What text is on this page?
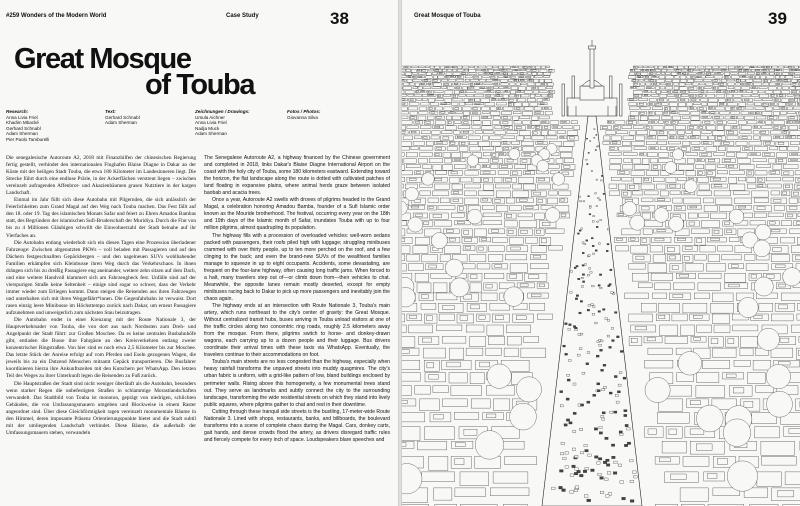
#259 Wonders of the Modern World	Case Study	38
Great Mosque
of Touba
Research:
Anna Livia Friel
Khadim Mbacké
Gerhard Schnabl
Adam Sherman
Pier Paolo Tamburelli
Text:
Gerhard Schnabl
Adam Sherman
Zeichnungen / Drawings:
Ursula Aichner
Anna Livia Friel
Nadja Muck
Adam Sherman
Fotos / Photos:
Giovanna Silva

Die senegalesische Autoroute A2, 2018 mit Finanzhilfen der chinesischen Regierung fertig gestellt, verbindet den internationalen Flughafen Blaise Diagne in Dakar an der Küste mit der heiligen Stadt Touba, die etwa 180 Kilometer im Landesinneren liegt. Die Strecke führt durch eine endlose Prärie, in der Ackerflächen verstreut liegen – zwischen vereinzelt aufragenden Affenbrot- und Akazienbäumen grasen Nutztiere in der kargen Landschaft.

Einmal im Jahr füllt sich diese Autobahn mit Pilgernden, die sich anlässlich der Feierlichkeiten zum Grand Magal auf den Weg nach Touba machen. Das Fest fällt auf den 18. oder 19. Tag des islamischen Monats Safar und feiert zu Ehren Amadou Bambas statt, des Begründers der islamischen Sufi-Bruderschaft der Muridiya. Durch die Flut von bis zu 4 Millionen Gläubigen schwillt die Einwohnerzahl der Stadt beinahe auf ihr Vierfaches an.

Die Autobahn entlang wiederholt sich ein diesen Tagen eine Prozession überladener Fahrzeuge: Zwischen altgenutzten PKWs – voll beladen mit Passagieren und auf den Dächern festgeschnallten Gepäckbergen – und den nagelneuen SUVs wohlhabender Familien erkämpfen sich Kleinbusse ihren Weg durch das Verkehrschaos. In ihnen drängen sich bis zu dreißig Passagiere eng aneinander, weitere zehn sitzen auf dem Dach, und eine weitere Handvoll klammert sich am Fahrzeugheck fest. Unfälle sind auf der vierspurigen Straße keine Seltenheit – einige sind sogar so schwer, dass der Verkehr immer wieder zum Erliegen kommt. Dann steigen die Reisenden aus ihren Fahrzeugen und unterhalten sich mit ihren Weggefährt*innen. Die Gegenfahrbahn ist verwaist. Dort rasen einzig leere Minibusse im Höchsttempo zurück nach Dakar, um erneut Passagiere aufzunehmen und unweigerlich zum nächsten Stau beizutragen.

Die Autobahn endet in einer Kreuzung mit der Route Nationale 3, der Hauptverkehrsader von Touba, die von dort aus nach Nordosten zum Dreh- und Angelpunkt der Stadt führt: zur Großen Moschee. Da es keine zentralen Busbahnhöfe gibt, entladen die Busse ihre Fahrgäste an den Kreisverkehren entlang zweier konzentrischer Ringstraßen. Von hier sind es noch etwa 2,5 Kilometer bis zur Moschee. Das letzte Stück der Anreise erfolgt auf vom Pferden und Eseln gezogenen Wagen, die jeweils bis zu ein Dutzend Menschen mitsamt Gepäck transportieren. Die Busfahrer koordinieren hierzu ihre Ankunftszeiten mit den Kutschern per WhatsApp. Den letzten Teil des Weges zu ihrer Unterkunft legen die Reisenden zu Fuß zurück.

Die Hauptstraßen der Stadt sind nicht weniger überläuft als die Autobahn, besonders wenn starker Regen die unbefestigten Straßen in schlammige Morastlandschaften verwandelt. Das Stadtbild von Touba ist monoton, geprägt von niedrigen, schlichten Gebäuden, die von Umfassungsmauern umgeben und Blockweise in einem Raster angeordnet sind. Über diese Gleichförmigkeit ragen vereinzelt monumentale Bäume in den Himmel, deren imposante Präsenz Orientierungspunkte bietet und die Stadt subtil mit der umliegenden Landschaft verbindet. Diese Bäume, die außerhalb der Umfassungsmauern stehen, verwandeln

The Senegalese Autoroute A2, a highway financed by the Chinese government and completed in 2018, links Dakar's Blaise Diagne International Airport on the coast with the holy city of Touba, some 180 kilometers eastward. Extending toward the horizon, the flat landscape along the route is dotted with cultivated patches of land floating in expansive plains, where animal herds graze between isolated baobab and acacia trees.

Once a year, Autoroute A2 swells with droves of pilgrims headed to the Grand Magal, a celebration honoring Amadou Bamba, founder of a Sufi Islamic order known as the Mouride brotherhood. The festival, occurring every year on the 18th and 19th days of the Islamic month of Safar, inundates Touba with up to four million pilgrims, almost quadrupling its population.

The highway fills with a procession of overloaded vehicles: well-worn sedans packed with passengers, their roofs piled high with luggage; struggling minibuses crammed with over thirty people, up to ten more perched on the roof, and a few clinging to the back; and even the brand-new SUVs of the wealthiest families manage to squeeze in up to eight occupants. Accidents, some devastating, are frequent on the four-lane highway, often causing long traffic jams. When forced to a halt, many travelers step out of—or climb down from—their vehicles to chat. Meanwhile, the opposite lanes remain mostly deserted, except for empty minibuses racing back to Dakar to pick up more passengers and inevitably join the chaos again.

The highway ends at an intersection with Route Nationale 3, Touba's main artery, which runs northeast to the city's center of gravity: the Great Mosque. Without centralized transit hubs, buses arriving in Touba unload visitors at one of the traffic circles along two concentric ring roads, roughly 2.5 kilometers away from the mosque. From there, pilgrims switch to horse- and donkey-drawn wagons, each carrying up to a dozen people and their luggage. Bus drivers coordinate their arrival times with these taxis via WhatsApp. Eventually, the travelers continue to their accommodations on foot.

Touba's main streets are no less congested than the highway, especially when heavy rainfall transforms the unpaved streets into muddy quagmires. The city's urban fabric is uniform, with a grid-like pattern of low, bland buildings enclosed by perimeter walls. Rising above this homogeneity, a few monumental trees stand out. They serve as landmarks and subtly connect the city to the surrounding landscape, transforming the wide residential streets on which they stand into lively public squares, where pilgrims gather to chat and rest in their downtime.

Cutting through these tranquil side streets is the bustling, 17-meter-wide Route Nationale 3. Lined with shops, restaurants, banks, and billboards, the boulevard transforms into a scene of complete chaos during the Magal. Cars, donkey carts, gait hands, and dense crowds flood the artery, as drivers disregard traffic rules and fiercely compete for every inch of space. Loudspeakers blare speeches and

Great Mosque of Touba	39
